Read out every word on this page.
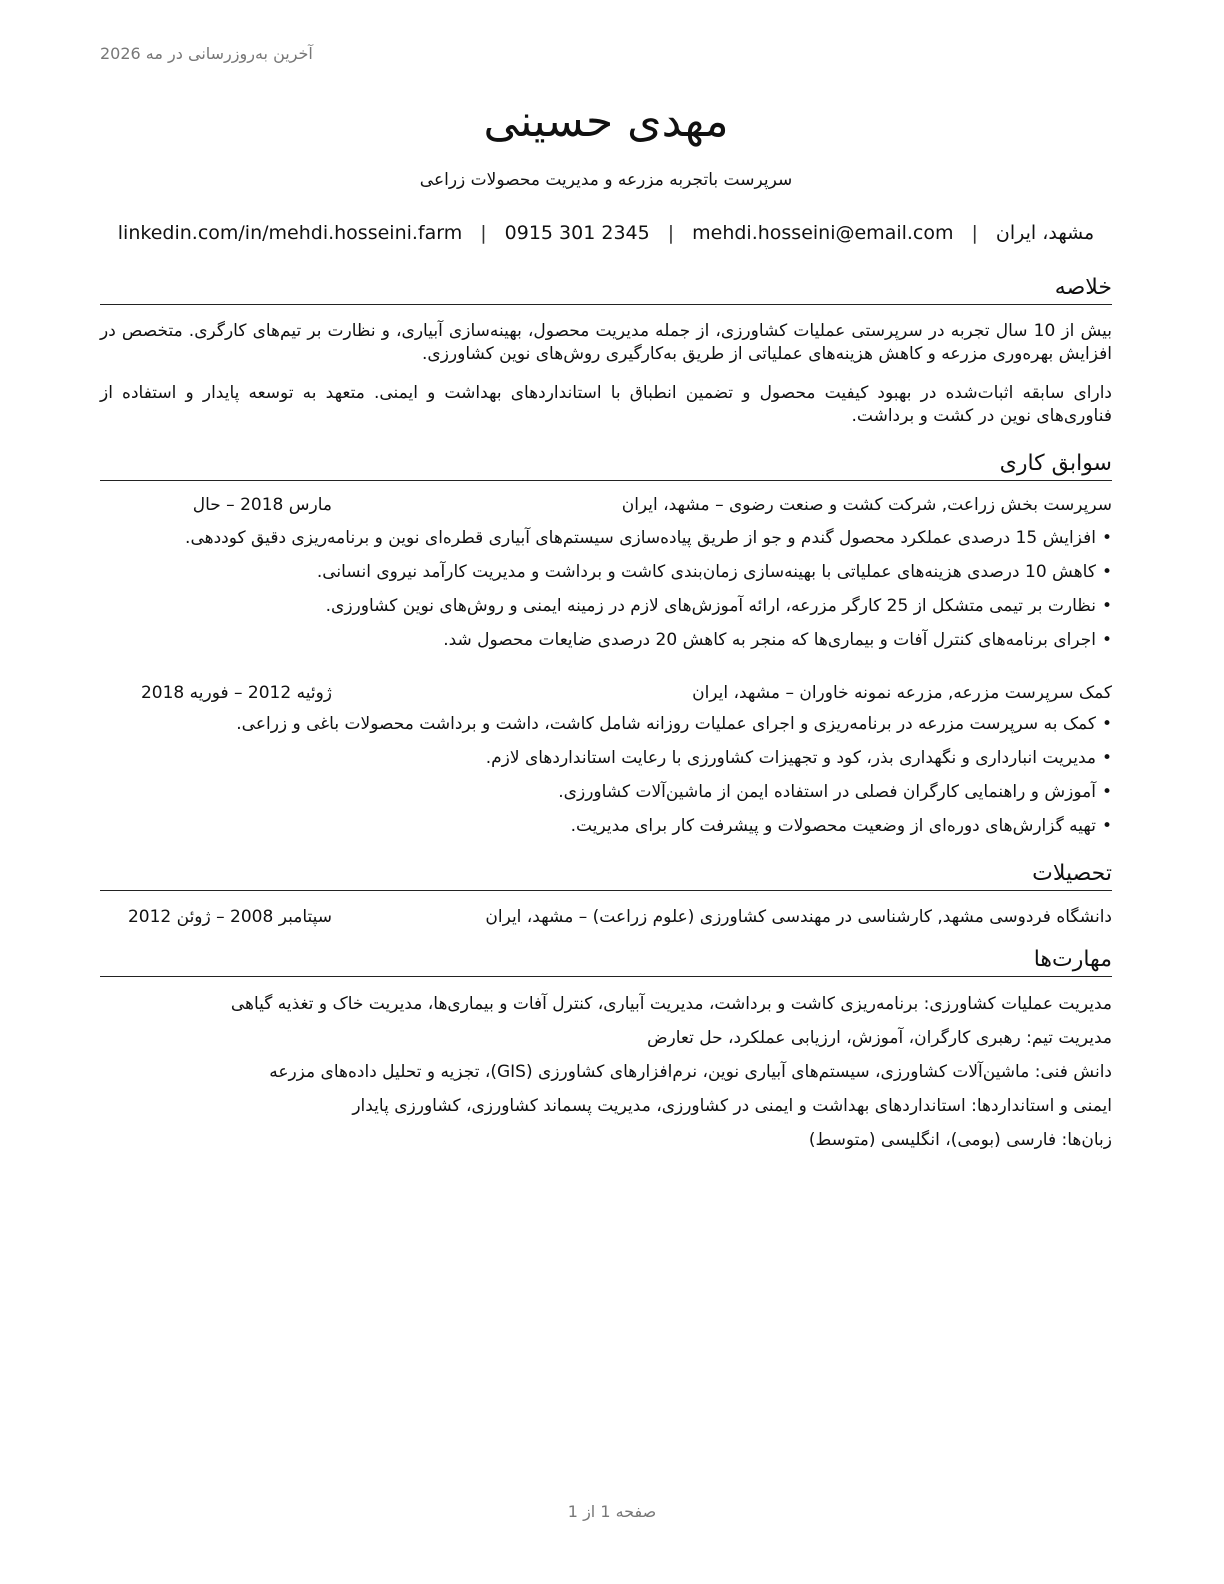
آخرین به‌روزرسانی در مه 2026
مهدی حسینی
سرپرست باتجربه مزرعه و مدیریت محصولات زراعی
مشهد، ایران
|
mehdi.hosseini@email.com
|
0915 301 2345
|
linkedin.com/in/mehdi.hosseini.farm
خلاصه

بیش از 10 سال تجربه در سرپرستی عملیات کشاورزی، از جمله مدیریت محصول، بهینه‌سازی آبیاری، و نظارت بر تیم‌های کارگری. متخصص در افزایش بهره‌وری مزرعه و کاهش هزینه‌های عملیاتی از طریق به‌کارگیری روش‌های نوین کشاورزی.

دارای سابقه اثبات‌شده در بهبود کیفیت محصول و تضمین انطباق با استانداردهای بهداشت و ایمنی. متعهد به توسعه پایدار و استفاده از فناوری‌های نوین در کشت و برداشت.

سوابق کاری
سرپرست بخش زراعت, شرکت کشت و صنعت رضوی – مشهد، ایران
مارس 2018 – حال
•افزایش 15 درصدی عملکرد محصول گندم و جو از طریق پیاده‌سازی سیستم‌های آبیاری قطره‌ای نوین و برنامه‌ریزی دقیق کوددهی.
•کاهش 10 درصدی هزینه‌های عملیاتی با بهینه‌سازی زمان‌بندی کاشت و برداشت و مدیریت کارآمد نیروی انسانی.
•نظارت بر تیمی متشکل از 25 کارگر مزرعه، ارائه آموزش‌های لازم در زمینه ایمنی و روش‌های نوین کشاورزی.
•اجرای برنامه‌های کنترل آفات و بیماری‌ها که منجر به کاهش 20 درصدی ضایعات محصول شد.
کمک سرپرست مزرعه, مزرعه نمونه خاوران – مشهد، ایران
ژوئیه 2012 – فوریه 2018
•کمک به سرپرست مزرعه در برنامه‌ریزی و اجرای عملیات روزانه شامل کاشت، داشت و برداشت محصولات باغی و زراعی.
•مدیریت انبارداری و نگهداری بذر، کود و تجهیزات کشاورزی با رعایت استانداردهای لازم.
•آموزش و راهنمایی کارگران فصلی در استفاده ایمن از ماشین‌آلات کشاورزی.
•تهیه گزارش‌های دوره‌ای از وضعیت محصولات و پیشرفت کار برای مدیریت.
تحصیلات
دانشگاه فردوسی مشهد, کارشناسی در مهندسی کشاورزی (علوم زراعت) – مشهد، ایران
سپتامبر 2008 – ژوئن 2012
مهارت‌ها
مدیریت عملیات کشاورزی: برنامه‌ریزی کاشت و برداشت، مدیریت آبیاری، کنترل آفات و بیماری‌ها، مدیریت خاک و تغذیه گیاهی
مدیریت تیم: رهبری کارگران، آموزش، ارزیابی عملکرد، حل تعارض
دانش فنی: ماشین‌آلات کشاورزی، سیستم‌های آبیاری نوین، نرم‌افزارهای کشاورزی (GIS)، تجزیه و تحلیل داده‌های مزرعه
ایمنی و استانداردها: استانداردهای بهداشت و ایمنی در کشاورزی، مدیریت پسماند کشاورزی، کشاورزی پایدار
زبان‌ها: فارسی (بومی)، انگلیسی (متوسط)
صفحه 1 از 1
